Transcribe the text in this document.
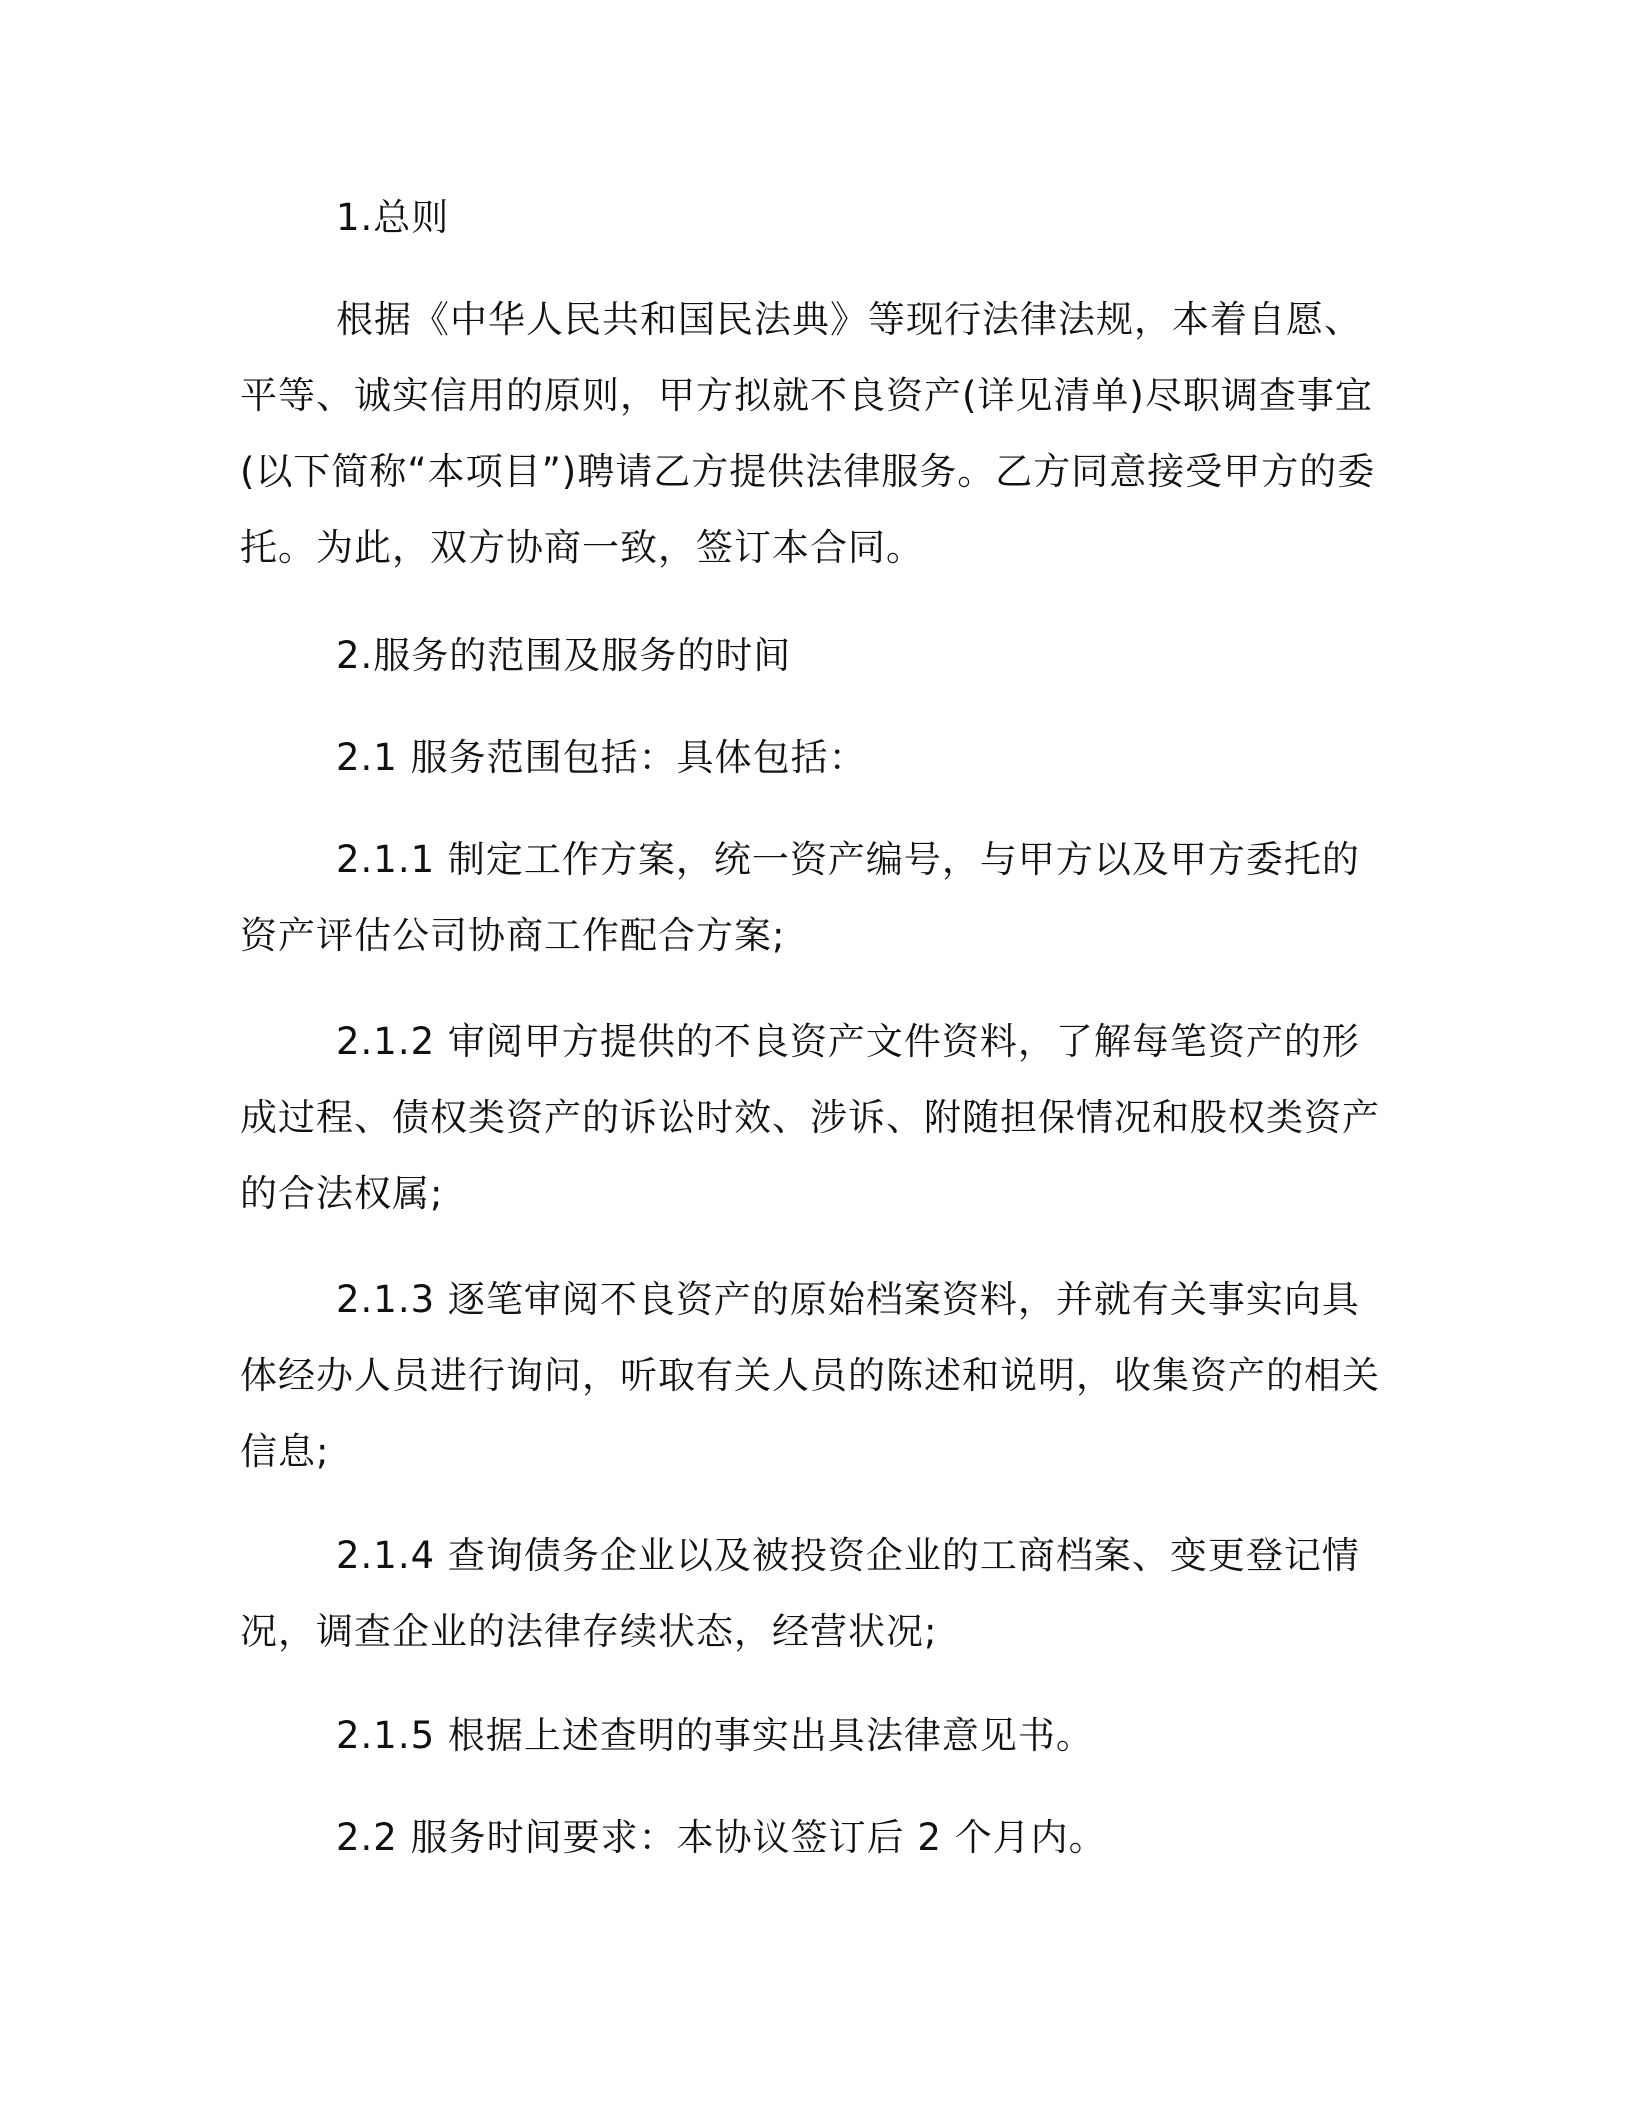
1.总则

根据《中华人民共和国民法典》等现行法律法规，本着自愿、平等、诚实信用的原则，甲方拟就不良资产(详见清单)尽职调查事宜(以下简称“本项目”)聘请乙方提供法律服务。乙方同意接受甲方的委托。为此，双方协商一致，签订本合同。

2.服务的范围及服务的时间

2.1 服务范围包括：具体包括：

2.1.1 制定工作方案，统一资产编号，与甲方以及甲方委托的资产评估公司协商工作配合方案;

2.1.2 审阅甲方提供的不良资产文件资料，了解每笔资产的形成过程、债权类资产的诉讼时效、涉诉、附随担保情况和股权类资产的合法权属;

2.1.3 逐笔审阅不良资产的原始档案资料，并就有关事实向具体经办人员进行询问，听取有关人员的陈述和说明，收集资产的相关信息;

2.1.4 查询债务企业以及被投资企业的工商档案、变更登记情况，调查企业的法律存续状态，经营状况;

2.1.5 根据上述查明的事实出具法律意见书。

2.2 服务时间要求：本协议签订后 2 个月内。
